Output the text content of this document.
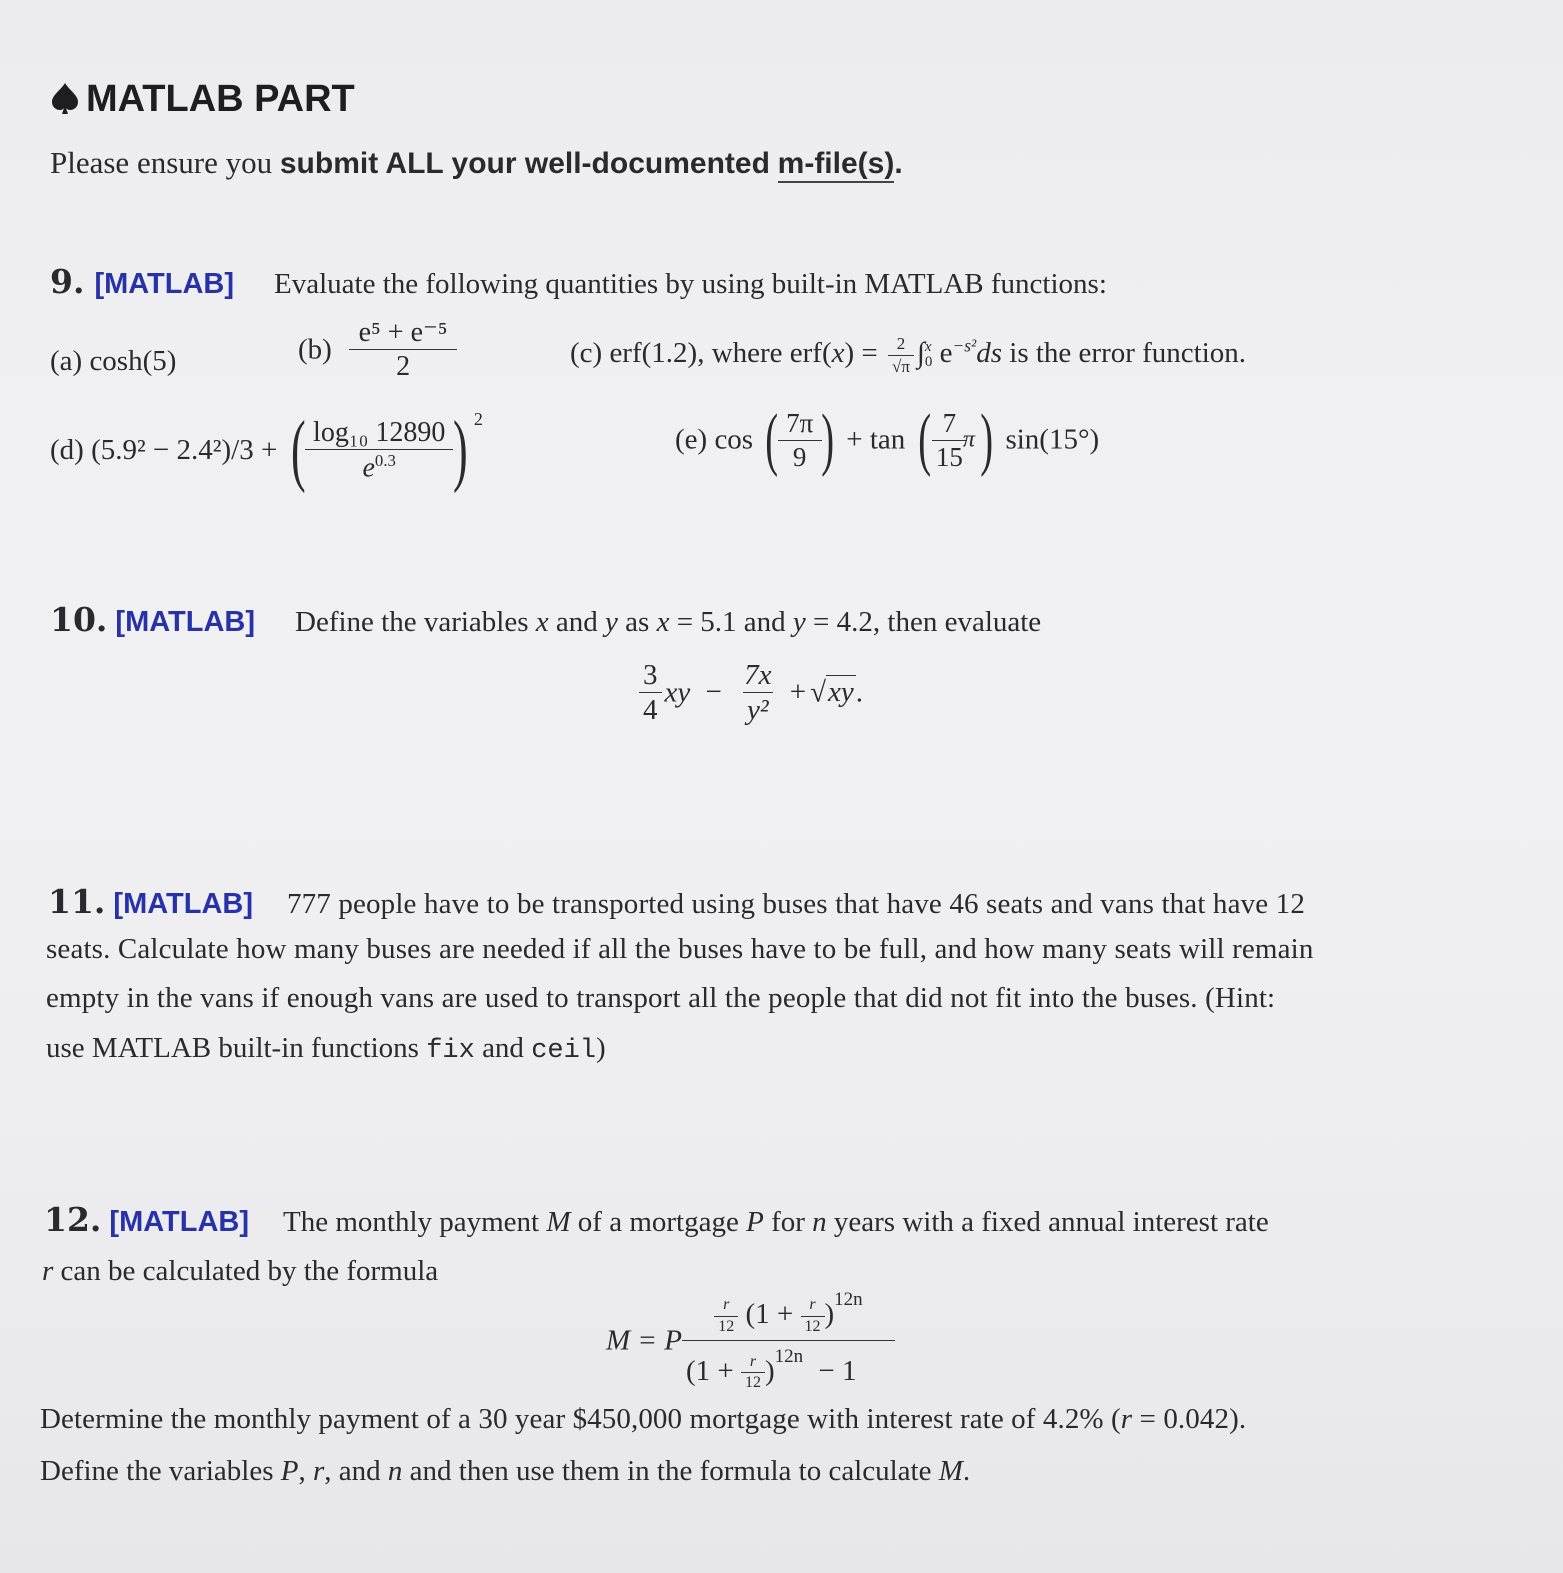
MATLAB PART
Please ensure you submit ALL your well-documented m-file(s).
9. [MATLAB] Evaluate the following quantities by using built-in MATLAB functions:
(a) cosh(5)	$(b) \frac{\text{e⁵ + e⁻⁵}}{2}$	(c) erf(1.2), where $erf(x) = \frac{2}{√\pi}$ ∫ x
0 $e^{-s^2}ds$ is the error function.
(d) (5.9² − 2.4²)/3 + ( $\frac{\text{log₁₀ 12890}}{e^{0.3}}$ ) $^2$
(e) cos ( $\frac{7\pi}{9}$ ) + tan ( $\frac{7}{15}$
π) sin(15°)
10. [MATLAB] Define the variables x and y as x = 5.1 and y = 4.2, then evaluate
$\frac{3}{4}$ xy − $\frac{7x}{\text{y²}} + √xy$.
11. [MATLAB] 777 people have to be transported using buses that have 46 seats and vans that have 12
seats. Calculate how many buses are needed if all the buses have to be full, and how many seats will remain
empty in the vans if enough vans are used to transport all the people that did not fit into the buses. (Hint:
use MATLAB built-in functions fix and ceil)
12. [MATLAB] The monthly payment M of a mortgage P for n years with a fixed annual interest rate
r can be calculated by the formula
M = P $\frac{\frac{r}{12} (1 + \frac{r}{12} )^{12n}}{(1 + \frac{r}{12} )^{12n} - 1}$
Determine the monthly payment of a 30 year $450,000 mortgage with interest rate of 4.2% (r = 0.042).
Define the variables P, r, and n and then use them in the formula to calculate M.
